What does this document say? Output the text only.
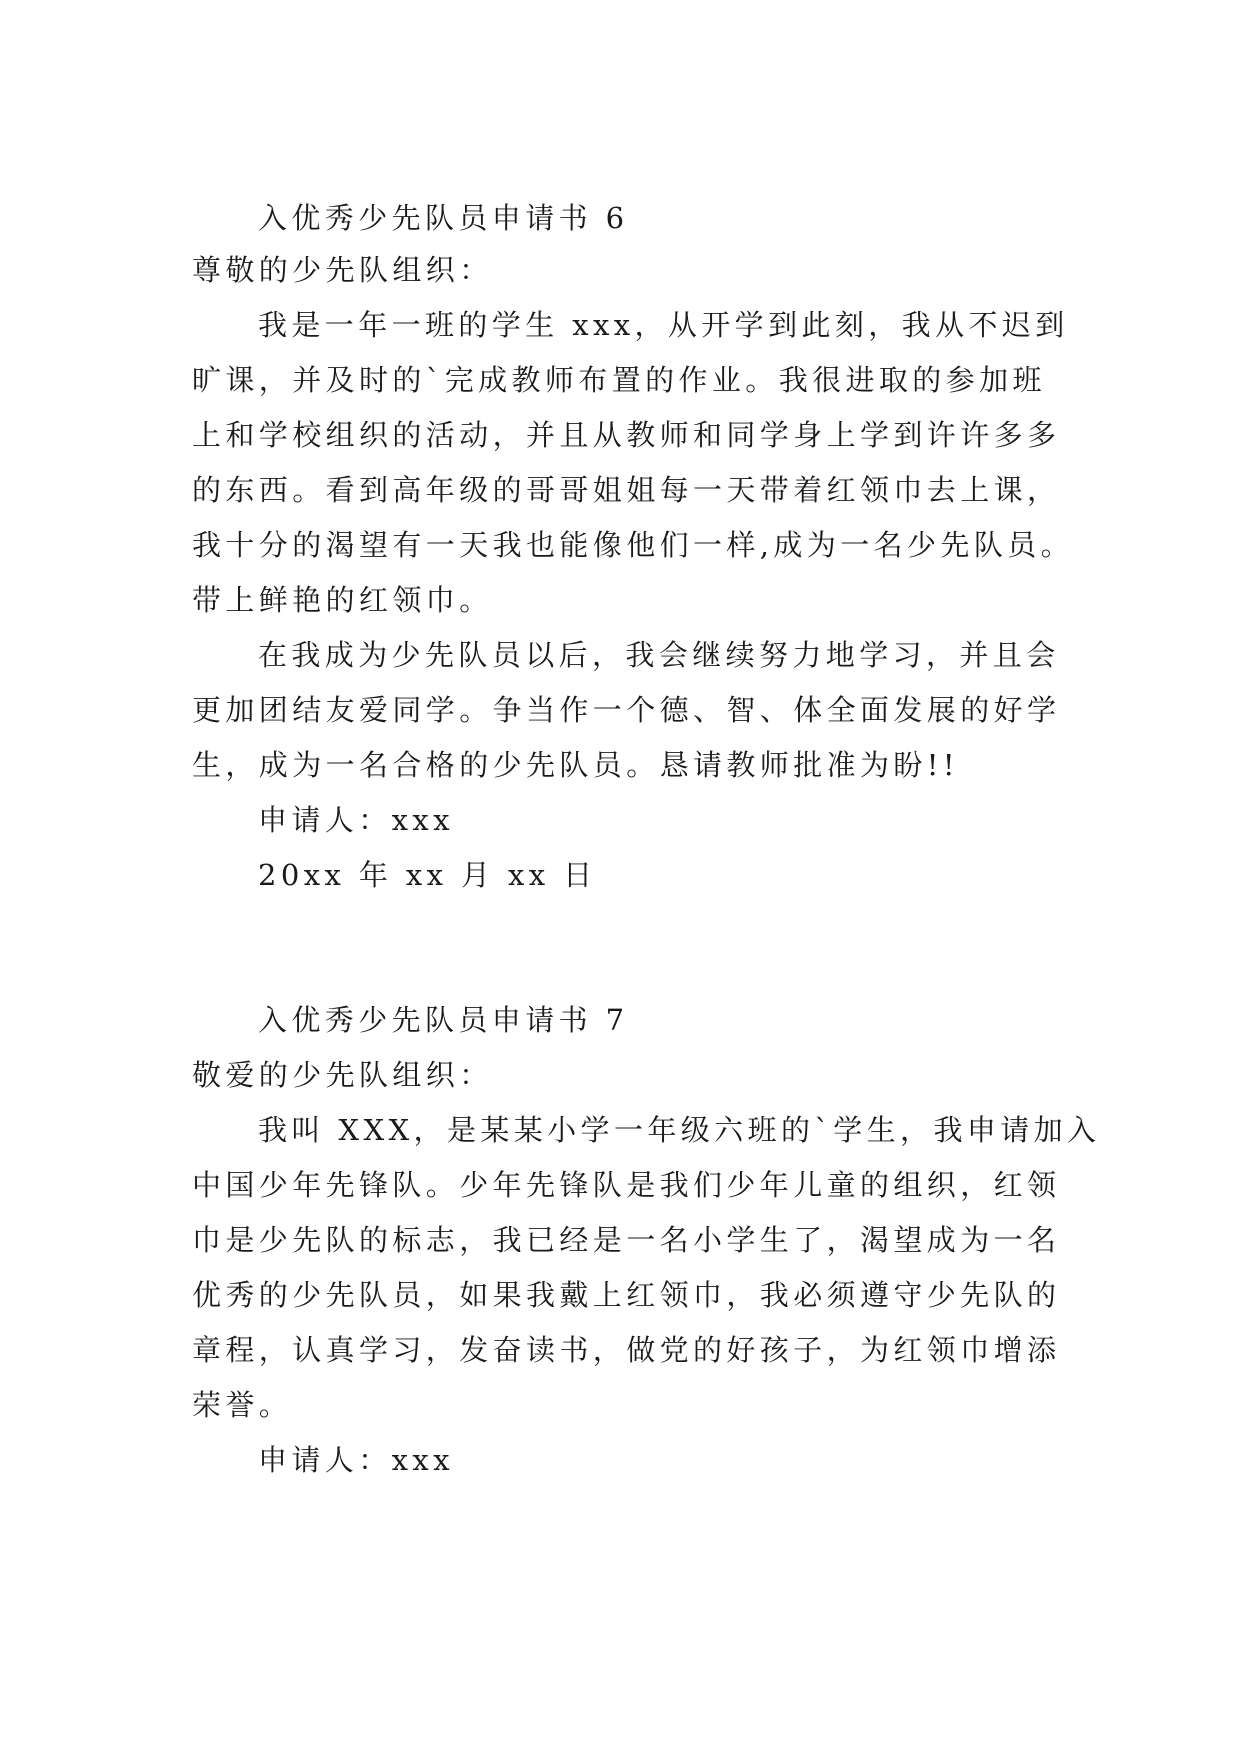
入优秀少先队员申请书 6
尊敬的少先队组织：
我是一年一班的学生 xxx，从开学到此刻，我从不迟到
旷课，并及时的`完成教师布置的作业。我很进取的参加班
上和学校组织的活动，并且从教师和同学身上学到许许多多
的东西。看到高年级的哥哥姐姐每一天带着红领巾去上课，
我十分的渴望有一天我也能像他们一样,成为一名少先队员。
带上鲜艳的红领巾。
在我成为少先队员以后，我会继续努力地学习，并且会
更加团结友爱同学。争当作一个德、智、体全面发展的好学
生，成为一名合格的少先队员。恳请教师批准为盼!!
申请人：xxx
20xx 年 xx 月 xx 日
入优秀少先队员申请书 7
敬爱的少先队组织：
我叫 XXX，是某某小学一年级六班的`学生，我申请加入
中国少年先锋队。少年先锋队是我们少年儿童的组织，红领
巾是少先队的标志，我已经是一名小学生了，渴望成为一名
优秀的少先队员，如果我戴上红领巾，我必须遵守少先队的
章程，认真学习，发奋读书，做党的好孩子，为红领巾增添
荣誉。
申请人：xxx
